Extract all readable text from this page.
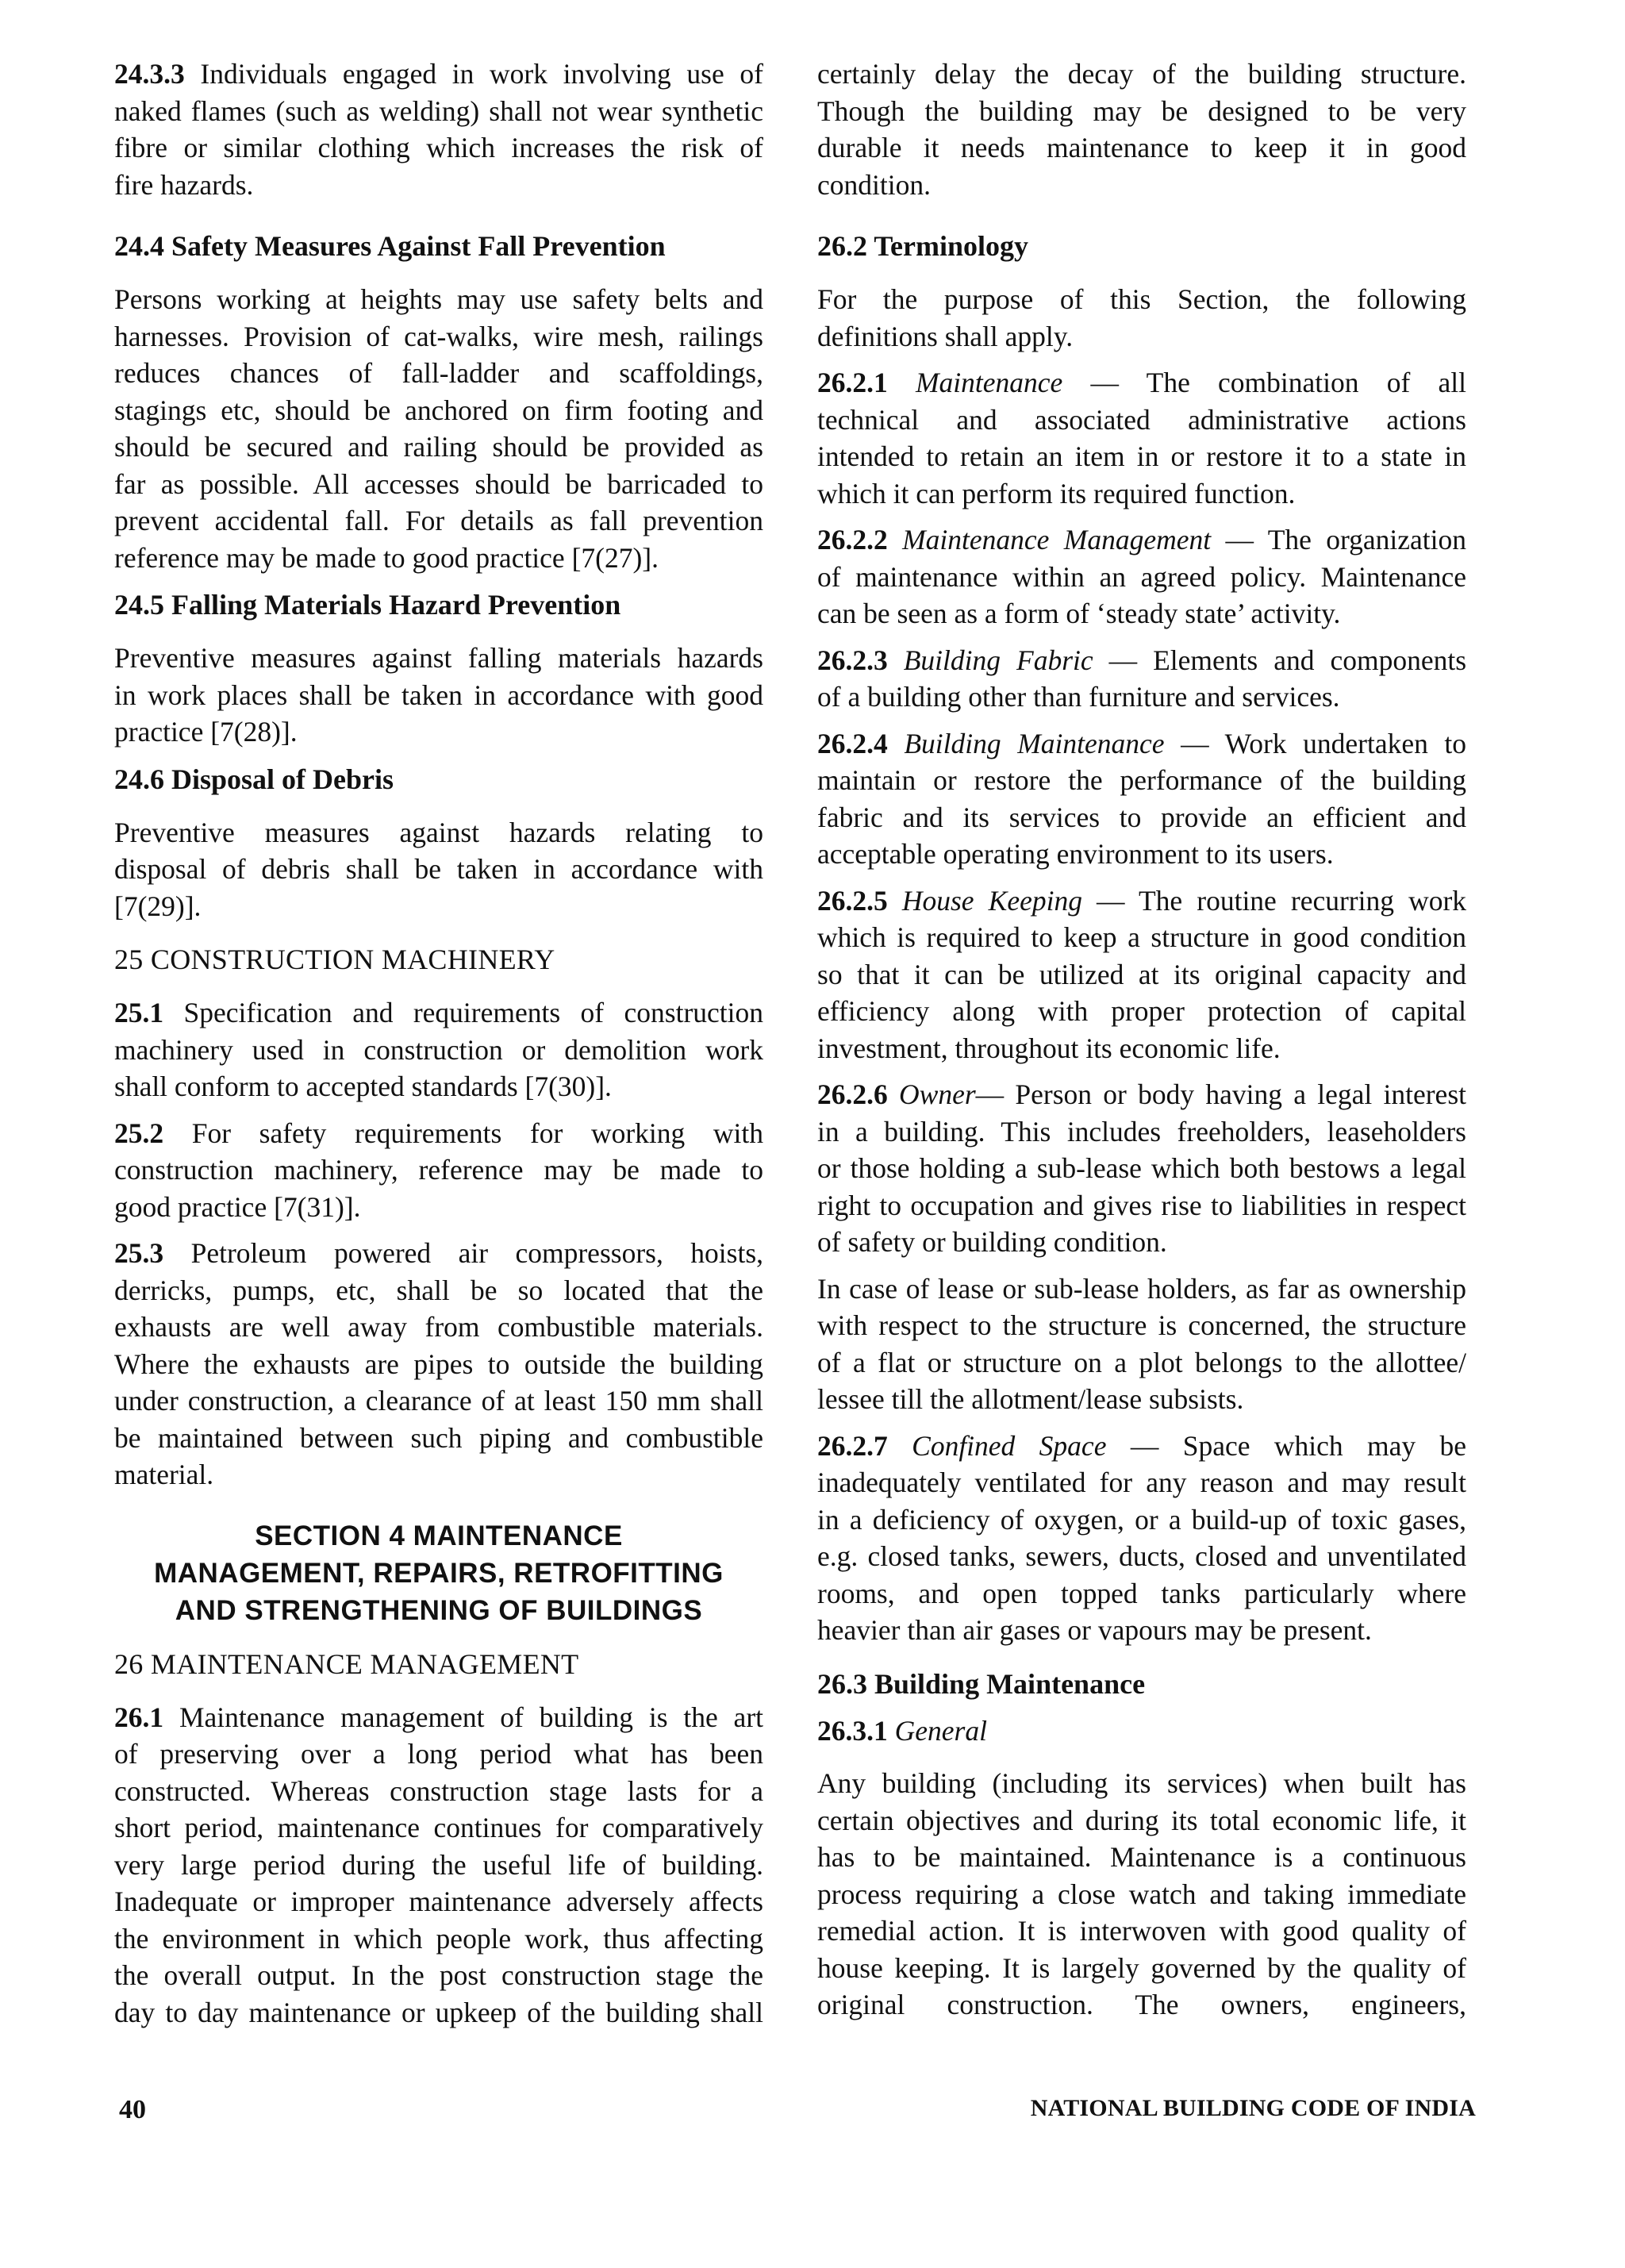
24.3.3 Individuals engaged in work involving use of
naked flames (such as welding) shall not wear synthetic
fibre or similar clothing which increases the risk of
fire hazards.
24.4 Safety Measures Against Fall Prevention
Persons working at heights may use safety belts and
harnesses. Provision of cat-walks, wire mesh, railings
reduces chances of fall-ladder and scaffoldings,
stagings etc, should be anchored on firm footing and
should be secured and railing should be provided as
far as possible. All accesses should be barricaded to
prevent accidental fall. For details as fall prevention
reference may be made to good practice [7(27)].
24.5 Falling Materials Hazard Prevention
Preventive measures against falling materials hazards
in work places shall be taken in accordance with good
practice [7(28)].
24.6 Disposal of Debris
Preventive measures against hazards relating to
disposal of debris shall be taken in accordance with
[7(29)].
25 CONSTRUCTION MACHINERY
25.1 Specification and requirements of construction
machinery used in construction or demolition work
shall conform to accepted standards [7(30)].
25.2 For safety requirements for working with
construction machinery, reference may be made to
good practice [7(31)].
25.3 Petroleum powered air compressors, hoists,
derricks, pumps, etc, shall be so located that the
exhausts are well away from combustible materials.
Where the exhausts are pipes to outside the building
under construction, a clearance of at least 150 mm shall
be maintained between such piping and combustible
material.
SECTION 4 MAINTENANCE
MANAGEMENT, REPAIRS, RETROFITTING
AND STRENGTHENING OF BUILDINGS
26 MAINTENANCE MANAGEMENT
26.1 Maintenance management of building is the art
of preserving over a long period what has been
constructed. Whereas construction stage lasts for a
short period, maintenance continues for comparatively
very large period during the useful life of building.
Inadequate or improper maintenance adversely affects
the environment in which people work, thus affecting
the overall output. In the post construction stage the
day to day maintenance or upkeep of the building shall
certainly delay the decay of the building structure.
Though the building may be designed to be very
durable it needs maintenance to keep it in good
condition.
26.2 Terminology
For the purpose of this Section, the following
definitions shall apply.
26.2.1 Maintenance — The combination of all
technical and associated administrative actions
intended to retain an item in or restore it to a state in
which it can perform its required function.
26.2.2 Maintenance Management — The organization
of maintenance within an agreed policy. Maintenance
can be seen as a form of ‘steady state’ activity.
26.2.3 Building Fabric — Elements and components
of a building other than furniture and services.
26.2.4 Building Maintenance — Work undertaken to
maintain or restore the performance of the building
fabric and its services to provide an efficient and
acceptable operating environment to its users.
26.2.5 House Keeping — The routine recurring work
which is required to keep a structure in good condition
so that it can be utilized at its original capacity and
efficiency along with proper protection of capital
investment, throughout its economic life.
26.2.6 Owner— Person or body having a legal interest
in a building. This includes freeholders, leaseholders
or those holding a sub-lease which both bestows a legal
right to occupation and gives rise to liabilities in respect
of safety or building condition.
In case of lease or sub-lease holders, as far as ownership
with respect to the structure is concerned, the structure
of a flat or structure on a plot belongs to the allottee/
lessee till the allotment/lease subsists.
26.2.7 Confined Space — Space which may be
inadequately ventilated for any reason and may result
in a deficiency of oxygen, or a build-up of toxic gases,
e.g. closed tanks, sewers, ducts, closed and unventilated
rooms, and open topped tanks particularly where
heavier than air gases or vapours may be present.
26.3 Building Maintenance
26.3.1 General
Any building (including its services) when built has
certain objectives and during its total economic life, it
has to be maintained. Maintenance is a continuous
process requiring a close watch and taking immediate
remedial action. It is interwoven with good quality of
house keeping. It is largely governed by the quality of
original construction. The owners, engineers,
40	NATIONAL BUILDING CODE OF INDIA
